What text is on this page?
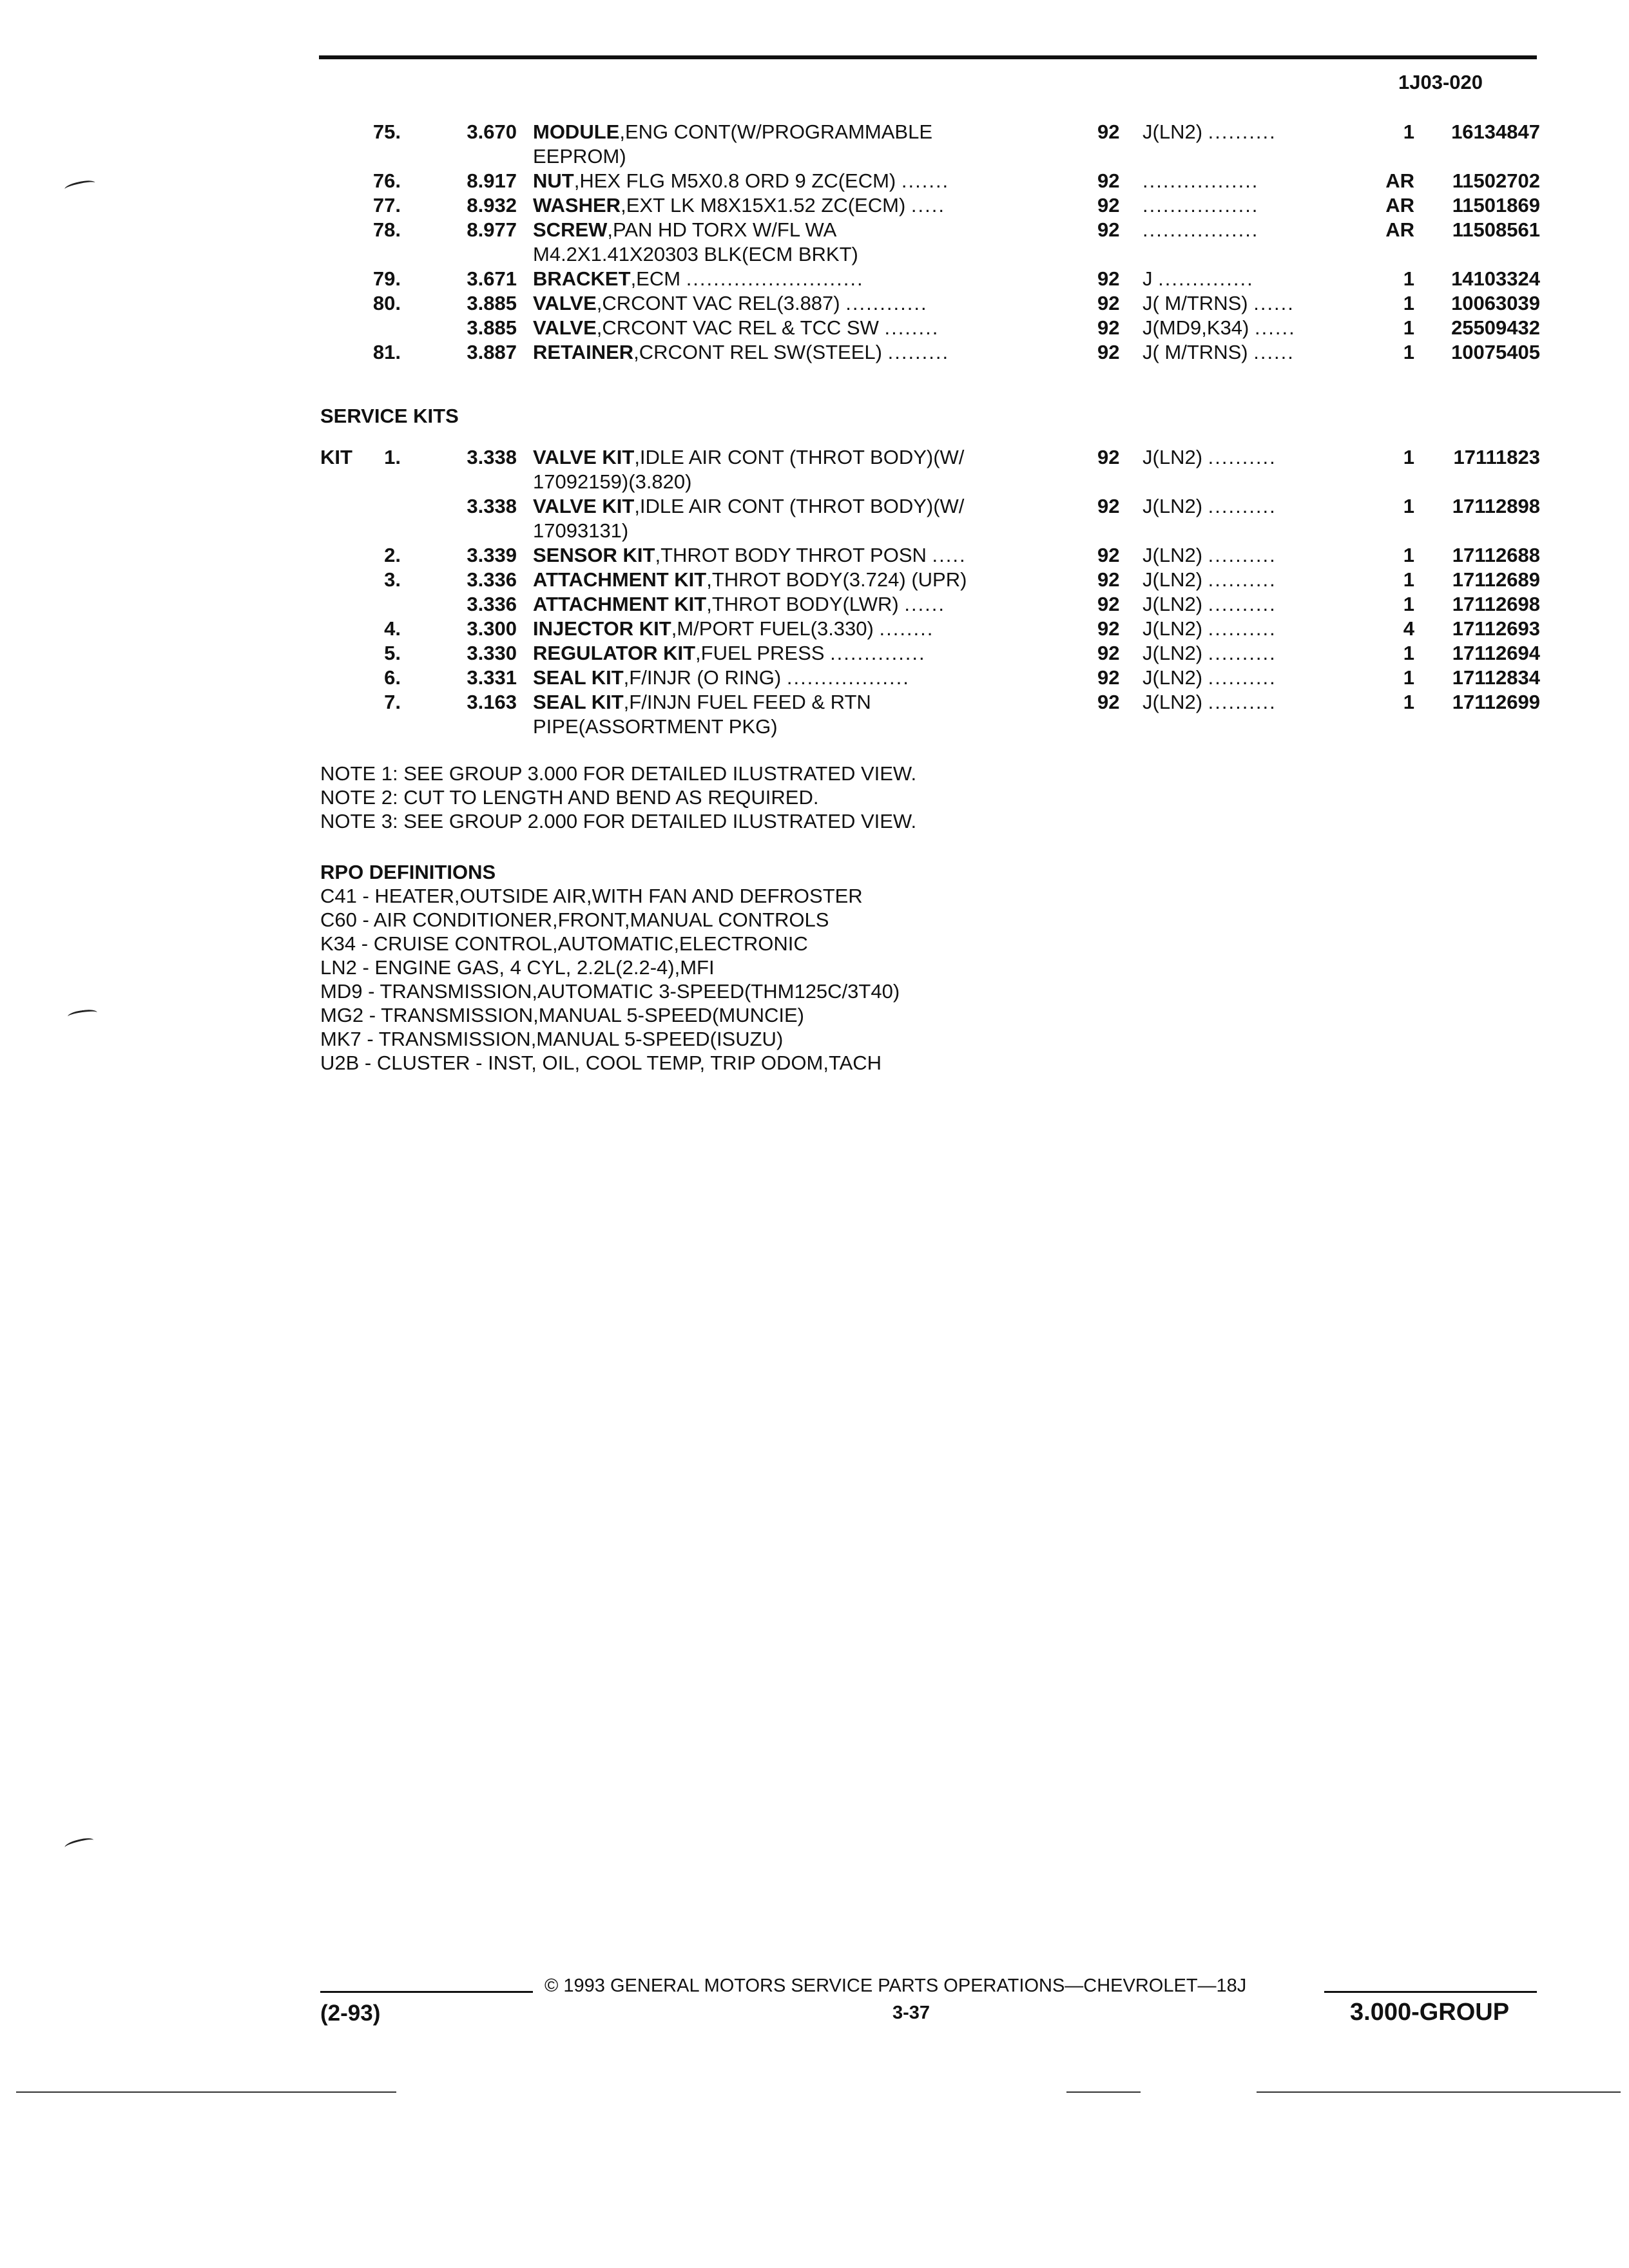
1J03-020
75.	3.670 MODULE,ENG CONT(W/PROGRAMMABLE	92 J(LN2) ..........	1 16134847
EEPROM)
76.	8.917 NUT,HEX FLG M5X0.8 ORD 9 ZC(ECM) .......	92 .................	AR 11502702
77.	8.932 WASHER,EXT LK M8X15X1.52 ZC(ECM) .....	92 .................	AR 11501869
78.	8.977 SCREW,PAN HD TORX W/FL WA	92 .................	AR 11508561
M4.2X1.41X20303 BLK(ECM BRKT)
79.	3.671 BRACKET,ECM ..........................	92 J ..............	1 14103324
80.	3.885 VALVE,CRCONT VAC REL(3.887) ............	92 J( M/TRNS) ......	1 10063039
3.885 VALVE,CRCONT VAC REL & TCC SW ........	92 J(MD9,K34) ......	1 25509432
81.	3.887 RETAINER,CRCONT REL SW(STEEL) .........	92 J( M/TRNS) ......	1 10075405
SERVICE KITS
KIT 1.	3.338 VALVE KIT,IDLE AIR CONT (THROT BODY)(W/	92 J(LN2) ..........	1 17111823
17092159)(3.820)
3.338 VALVE KIT,IDLE AIR CONT (THROT BODY)(W/	92 J(LN2) ..........	1 17112898
17093131)
2.	3.339 SENSOR KIT,THROT BODY THROT POSN .....	92 J(LN2) ..........	1 17112688
3.	3.336 ATTACHMENT KIT,THROT BODY(3.724) (UPR)	92 J(LN2) ..........	1 17112689
3.336 ATTACHMENT KIT,THROT BODY(LWR) ......	92 J(LN2) ..........	1 17112698
4.	3.300 INJECTOR KIT,M/PORT FUEL(3.330) ........	92 J(LN2) ..........	4 17112693
5.	3.330 REGULATOR KIT,FUEL PRESS ..............	92 J(LN2) ..........	1 17112694
6.	3.331 SEAL KIT,F/INJR (O RING) ..................	92 J(LN2) ..........	1 17112834
7.	3.163 SEAL KIT,F/INJN FUEL FEED & RTN	92 J(LN2) ..........	1 17112699
PIPE(ASSORTMENT PKG)
NOTE 1: SEE GROUP 3.000 FOR DETAILED ILUSTRATED VIEW.
NOTE 2: CUT TO LENGTH AND BEND AS REQUIRED.
NOTE 3: SEE GROUP 2.000 FOR DETAILED ILUSTRATED VIEW.
RPO DEFINITIONS
C41 - HEATER,OUTSIDE AIR,WITH FAN AND DEFROSTER
C60 - AIR CONDITIONER,FRONT,MANUAL CONTROLS
K34 - CRUISE CONTROL,AUTOMATIC,ELECTRONIC
LN2 - ENGINE GAS, 4 CYL, 2.2L(2.2-4),MFI
MD9 - TRANSMISSION,AUTOMATIC 3-SPEED(THM125C/3T40)
MG2 - TRANSMISSION,MANUAL 5-SPEED(MUNCIE)
MK7 - TRANSMISSION,MANUAL 5-SPEED(ISUZU)
U2B - CLUSTER - INST, OIL, COOL TEMP, TRIP ODOM,TACH
© 1993 GENERAL MOTORS SERVICE PARTS OPERATIONS—CHEVROLET—18J
(2-93)	3-37	3.000-GROUP
